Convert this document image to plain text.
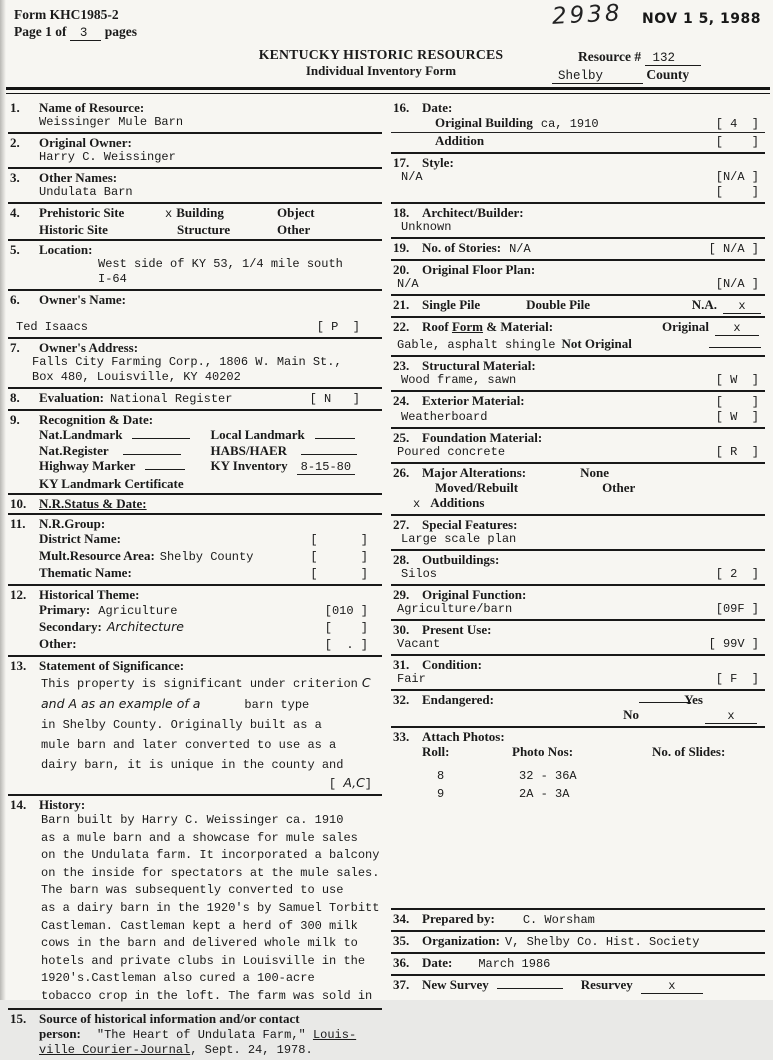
Form KHC1985-2
Page 1 of 3 pages
KENTUCKY HISTORIC RESOURCES
Individual Inventory Form
2938 NOV 1 5, 1988
Resource # 132
Shelby	County
1.	Name of Resource:
Weissinger Mule Barn
2.	Original Owner:
Harry C. Weissinger
3.	Other Names:
Undulata Barn
4.	Prehistoric Site	x Building	Object
Historic Site	Structure	Other
5.	Location:
West side of KY 53, 1/4 mile south
I-64
6.	Owner's Name:
Ted Isaacs	[ P  ]
7.	Owner's Address:
Falls City Farming Corp., 1806 W. Main St.,
Box 480, Louisville, KY 40202
8.	Evaluation: National Register	[ N   ]
9.	Recognition & Date:
Nat.Landmark	Local Landmark
Nat.Register	HABS/HAER
Highway Marker	KY Inventory 8-15-80
KY Landmark Certificate
10. N.R.Status & Date:
11.	N.R.Group:
District Name:	[      ]
Mult.Resource Area: Shelby County	[      ]
Thematic Name:	[      ]
12. Historical Theme:
Primary: Agriculture	[010 ]
Secondary: Architecture	[    ]
Other:	[  . ]
13. Statement of Significance:
This property is significant under criterion C
and A as an example of a	barn type
in Shelby County. Originally built as a
mule barn and later converted to use as a
dairy barn, it is unique in the county and
[ A,C]
14. History:
Barn built by Harry C. Weissinger ca. 1910
as a mule barn and a showcase for mule sales
on the Undulata farm. It incorporated a balcony
on the inside for spectators at the mule sales.
The barn was subsequently converted to use
as a dairy barn in the 1920's by Samuel Torbitt
Castleman. Castleman kept a herd of 300 milk
cows in the barn and delivered whole milk to
hotels and private clubs in Louisville in the
1920's.Castleman also cured a 100-acre
tobacco crop in the loft. The farm was sold in
15. Source of historical information and/or contact
person: "The Heart of Undulata Farm," Louis-
ville Courier-Journal , Sept. 24, 1978.
16. Date:
Original Building ca, 1910	[ 4  ]
Addition	[    ]
17. Style:
N/A	[N/A ]
[    ]
18. Architect/Builder:
Unknown
19. No. of Stories: N/A	[ N/A ]
20. Original Floor Plan:
N/A	[N/A ]
21. Single Pile	Double Pile	N.A.	x
22. Roof Form & Material:	Original	x
Gable, asphalt shingle Not Original
23. Structural Material:
Wood frame, sawn	[ W  ]
24. Exterior Material:	[    ]
Weatherboard	[ W  ]
25. Foundation Material:
Poured concrete	[ R  ]
26. Major Alterations:	None
Moved/Rebuilt	Other
x Additions
27. Special Features:
Large scale plan
28. Outbuildings:
Silos	[ 2  ]
29. Original Function:
Agriculture/barn	[09F ]
30. Present Use:
Vacant	[ 99V ]
31. Condition:
Fair	[ F  ]
32. Endangered:	Yes
No	x
33. Attach Photos:
Roll:	Photo Nos:	No. of Slides:
8	32 - 36A
9	2A - 3A
34. Prepared by: C. Worsham
35. Organization: V, Shelby Co. Hist. Society
36. Date: March 1986
37. New Survey	Resurvey	x
